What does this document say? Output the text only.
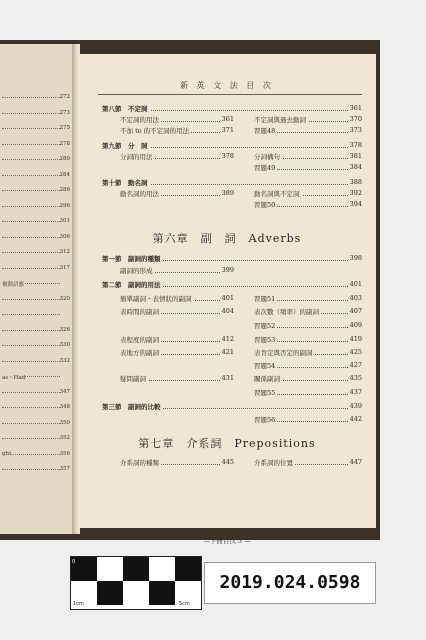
272
273
275
278
280
284
286
296
301
306
312
317
被動語態
320
326
330
332
as・Had
347
348
350
352
ght	356
357
新 英 文 法 目 次
—下冊目次 3 —
第八節　不定詞	361
不定詞的用法	361	不定詞與過去動詞	370
不加 to 的不定詞的用法	371	習題48	373
第九節　分　詞	378
分詞的用法	378	分詞構句	381
習題49	384
第十節　動名詞	388
動名詞的用法	389	動名詞與不定詞	392
習題50	394
第六章　副　詞　Adverbs
第一節　副詞的種類	398
副詞的形成	399
第二節　副詞的用法	401
簡單副詞・表情狀的副詞	401	習題51	403
表時間的副詞	404	表次數（頻率）的副詞	407
習題52	409
表程度的副詞	412	習題53	419
表地方的副詞	421	表肯定與否定的副詞	425
習題54	427
疑問副詞	431	關係副詞	435
習題55	437
第三節　副詞的比較	439
習題56	442
第七章　介系詞　Prepositions
介系詞的種類	445	介系詞的位置	447
0
1cm	5cm
2019.024.0598
